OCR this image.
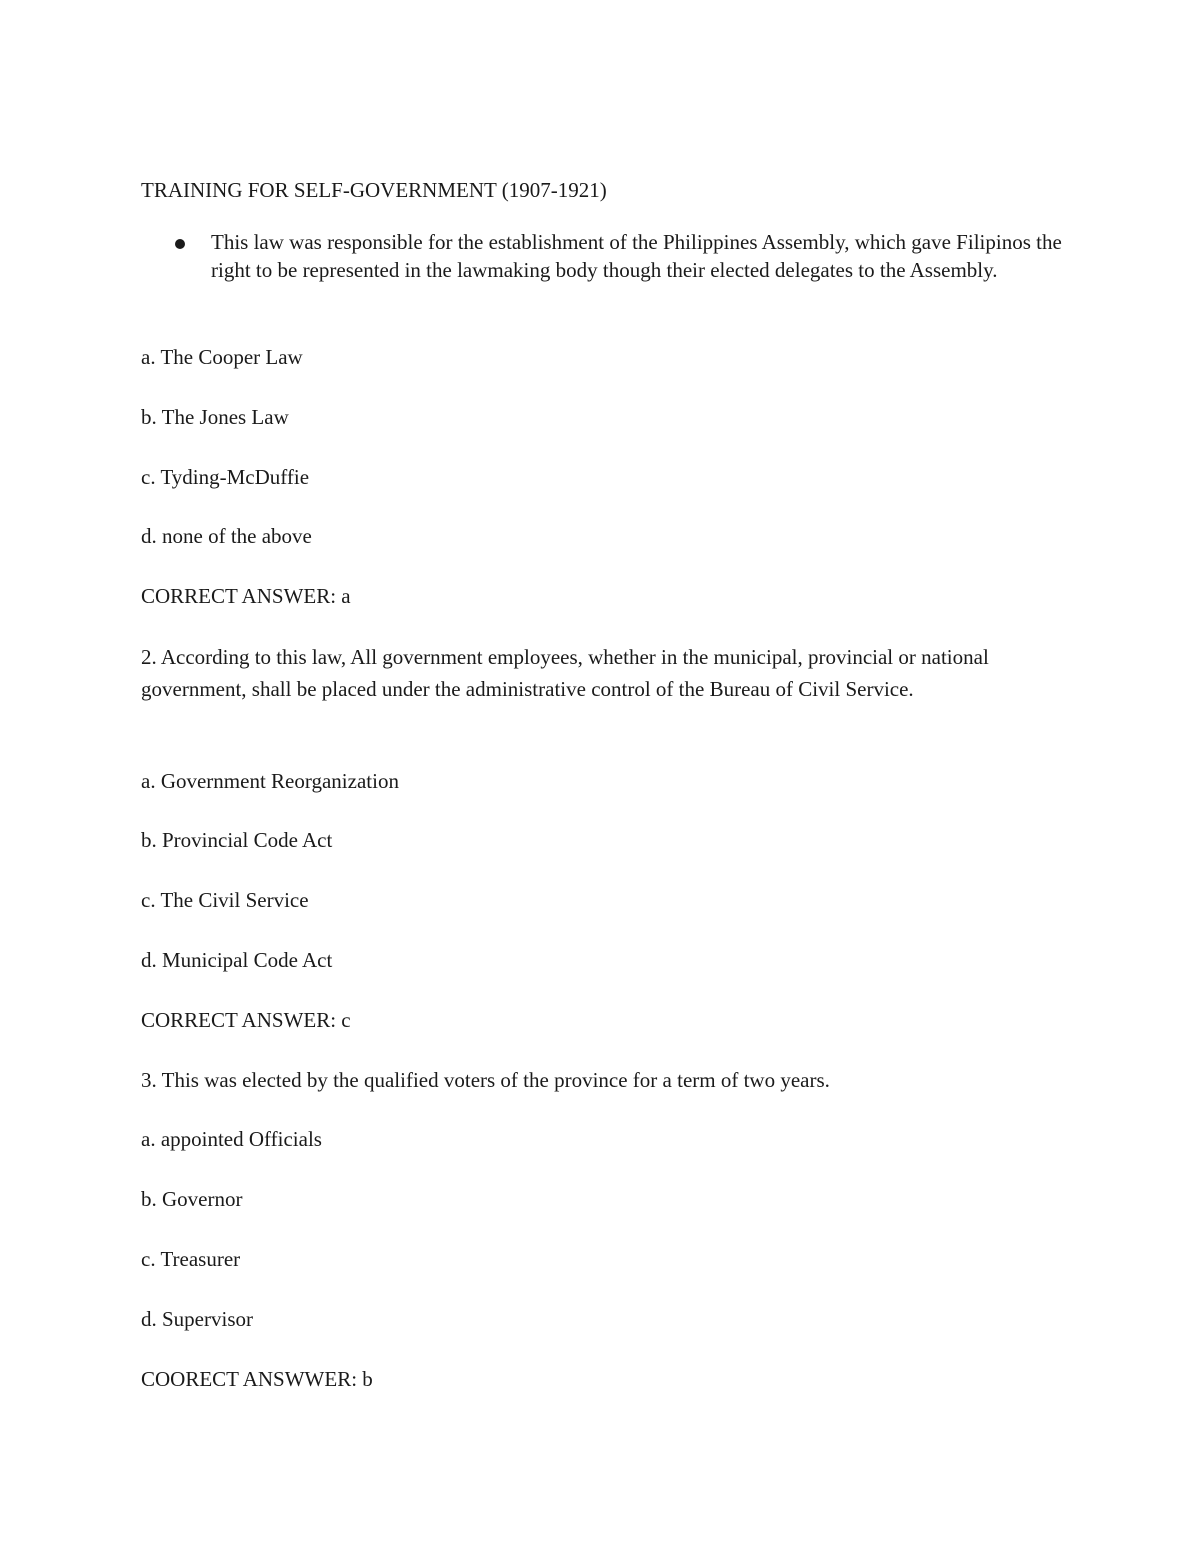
TRAINING FOR SELF-GOVERNMENT (1907-1921)
This law was responsible for the establishment of the Philippines Assembly, which gave Filipinos the right to be represented in the lawmaking body though their elected delegates to the Assembly.
a. The Cooper Law
b. The Jones Law
c. Tyding-McDuffie
d. none of the above
CORRECT ANSWER: a
2. According to this law, All government employees, whether in the municipal, provincial or national government, shall be placed under the administrative control of the Bureau of Civil Service.
a. Government Reorganization
b. Provincial Code Act
c. The Civil Service
d. Municipal Code Act
CORRECT ANSWER: c
3. This was elected by the qualified voters of the province for a term of two years.
a. appointed Officials
b. Governor
c. Treasurer
d. Supervisor
COORECT ANSWWER: b
